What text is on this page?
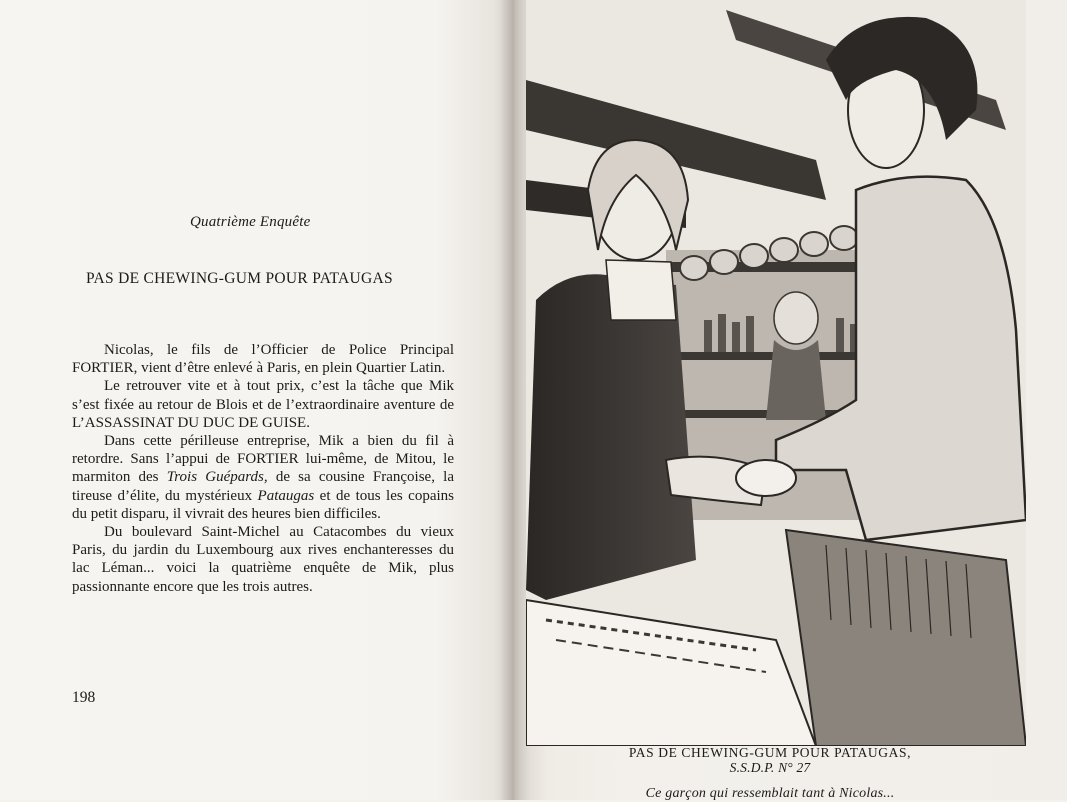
Quatrième Enquête
PAS DE CHEWING-GUM POUR PATAUGAS

Nicolas, le fils de l’Officier de Police Principal FORTIER, vient d’être enlevé à Paris, en plein Quartier Latin.

Le retrouver vite et à tout prix, c’est la tâche que Mik s’est fixée au retour de Blois et de l’extraordinaire aventure de L’ASSASSINAT DU DUC DE GUISE.

Dans cette périlleuse entreprise, Mik a bien du fil à retordre. Sans l’appui de FORTIER lui-même, de Mitou, le marmiton des Trois Guépards, de sa cousine Françoise, la tireuse d’élite, du mystérieux Pataugas et de tous les copains du petit disparu, il vivrait des heures bien difficiles.

Du boulevard Saint-Michel au Catacombes du vieux Paris, du jardin du Luxembourg aux rives enchanteresses du lac Léman... voici la quatrième enquête de Mik, plus passionnante encore que les trois autres.

198
PAS DE CHEWING-GUM POUR PATAUGAS,
S.S.D.P. N° 27
Ce garçon qui ressemblait tant à Nicolas...
